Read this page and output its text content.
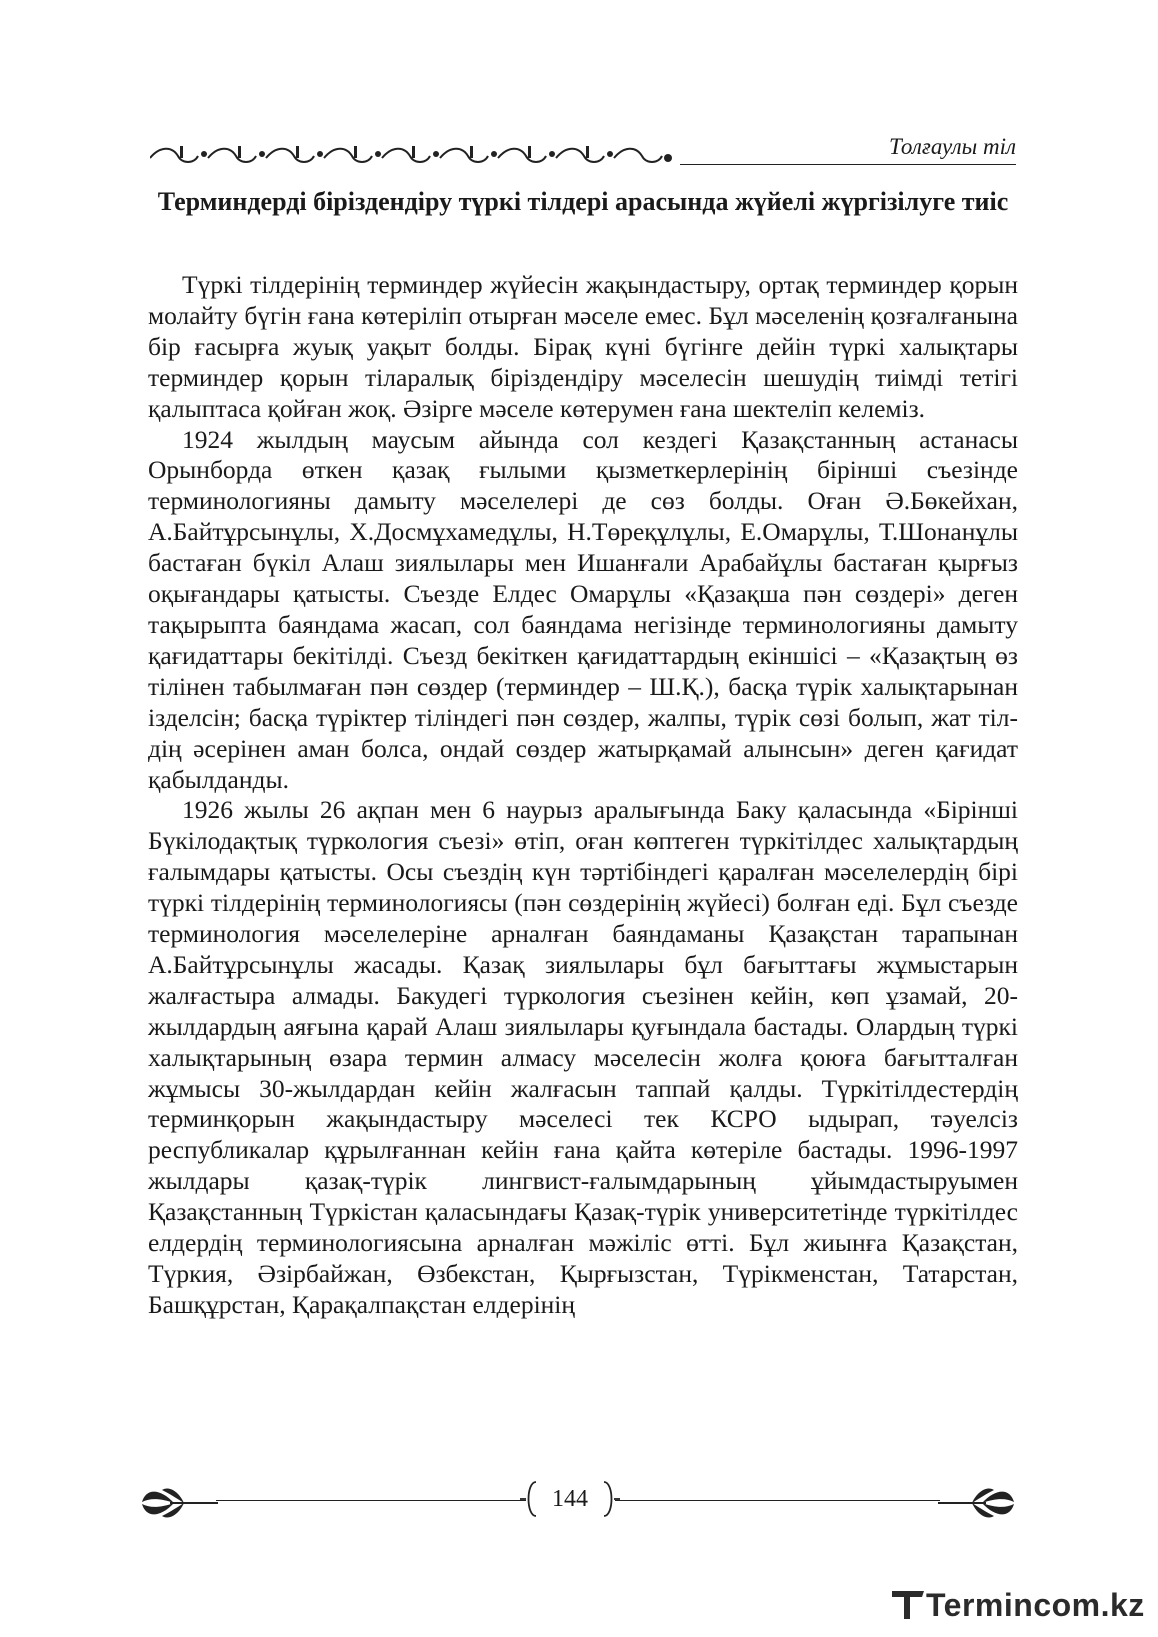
Толғаулы тіл
Терминдерді біріздендіру түркі тілдері арасында жүйелі жүргізілуге тиіс

Түркі тілдерінің терминдер жүйесін жақындастыру, ортақ терминдер қорын молайту бүгін ғана көтеріліп отырған мәселе емес. Бұл мәселенің қозғалғанына бір ғасырға жуық уақыт болды. Бірақ күні бүгінге дейін түркі халықтары терминдер қорын тіларалық біріздендіру мәселесін шешудің тиімді тетігі қалыптаса қойған жоқ. Әзірге мәселе көтерумен ғана шектеліп келеміз.

1924 жылдың маусым айында сол кездегі Қазақстанның астанасы Орынборда өткен қазақ ғылыми қызметкерлерінің бірінші съезінде терминологияны дамыту мәселелері де сөз болды. Оған Ә.Бөкейхан, А.Байтұрсынұлы, Х.Досмұхамедұлы, Н.Төреқұлұлы, Е.Омарұлы, Т.Шонанұлы бастаған бүкіл Алаш зиялылары мен Ишанғали Арабайұлы бастаған қырғыз оқығандары қатысты. Съезде Елдес Омарұлы «Қазақша пән сөздері» деген тақырыпта баяндама жасап, сол баяндама негізінде терминологияны дамыту қағидаттары бекітілді. Съезд бекіткен қағидаттардың екіншісі – «Қазақтың өз тілінен табылмаған пән сөздер (терминдер – Ш.Қ.), басқа түрік халықтарынан ізделсін; басқа түріктер тіліндегі пән сөздер, жалпы, түрік сөзі болып, жат тілдің әсерінен аман болса, ондай сөздер жатырқамай алынсын» деген қағидат қабылданды.

1926 жылы 26 ақпан мен 6 наурыз аралығында Баку қаласында «Бірінші Бүкілодақтық түркология съезі» өтіп, оған көптеген түркітілдес халықтардың ғалымдары қатысты. Осы съездің күн тәртібіндегі қаралған мәселелердің бірі түркі тілдерінің терминологиясы (пән сөздерінің жүйесі) болған еді. Бұл съезде терминология мәселелеріне арналған баяндаманы Қазақстан тарапынан А.Байтұрсынұлы жасады. Қазақ зиялылары бұл бағыттағы жұмыстарын жалғастыра алмады. Бакудегі түркология съезінен кейін, көп ұзамай, 20-жылдардың аяғына қарай Алаш зиялылары қуғындала бастады. Олардың түркі халықтарының өзара термин алмасу мәселесін жолға қоюға бағытталған жұмысы 30-жылдардан кейін жалғасын таппай қалды. Түркітілдестердің терминқорын жақындастыру мәселесі тек КСРО ыдырап, тәуелсіз республикалар құрылғаннан кейін ғана қайта көтеріле бастады. 1996-1997 жылдары қазақ-түрік лингвист-ғалымдарының ұйымдастыруымен Қазақстанның Түркістан қаласындағы Қазақ-түрік университетінде түркітілдес елдердің терминологиясына арналған мәжіліс өтті. Бұл жиынға Қазақстан, Түркия, Әзірбайжан, Өзбекстан, Қырғызстан, Түрікменстан, Татарстан, Башқұрстан, Қарақалпақстан елдерінің

144
Termincom.kz
